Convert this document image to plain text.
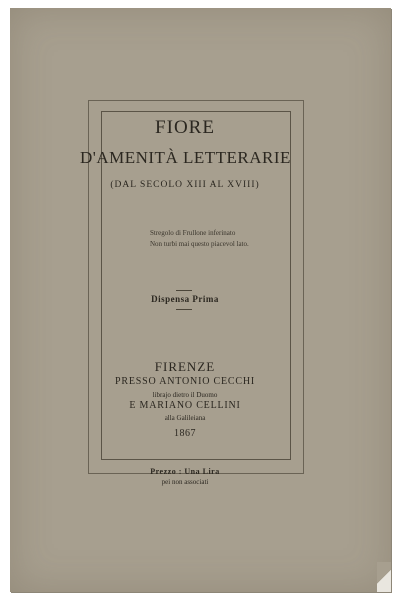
FIORE
D'AMENITÀ LETTERARIE
(DAL SECOLO XIII AL XVIII)
Stregolo di Frullone inferinato
Non turbi mai questo piacevol lato.
Dispensa Prima
FIRENZE
PRESSO ANTONIO CECCHI
librajo dietro il Duomo
E MARIANO CELLINI
alla Galileiana
1867
Prezzo : Una Lira
pei non associati
